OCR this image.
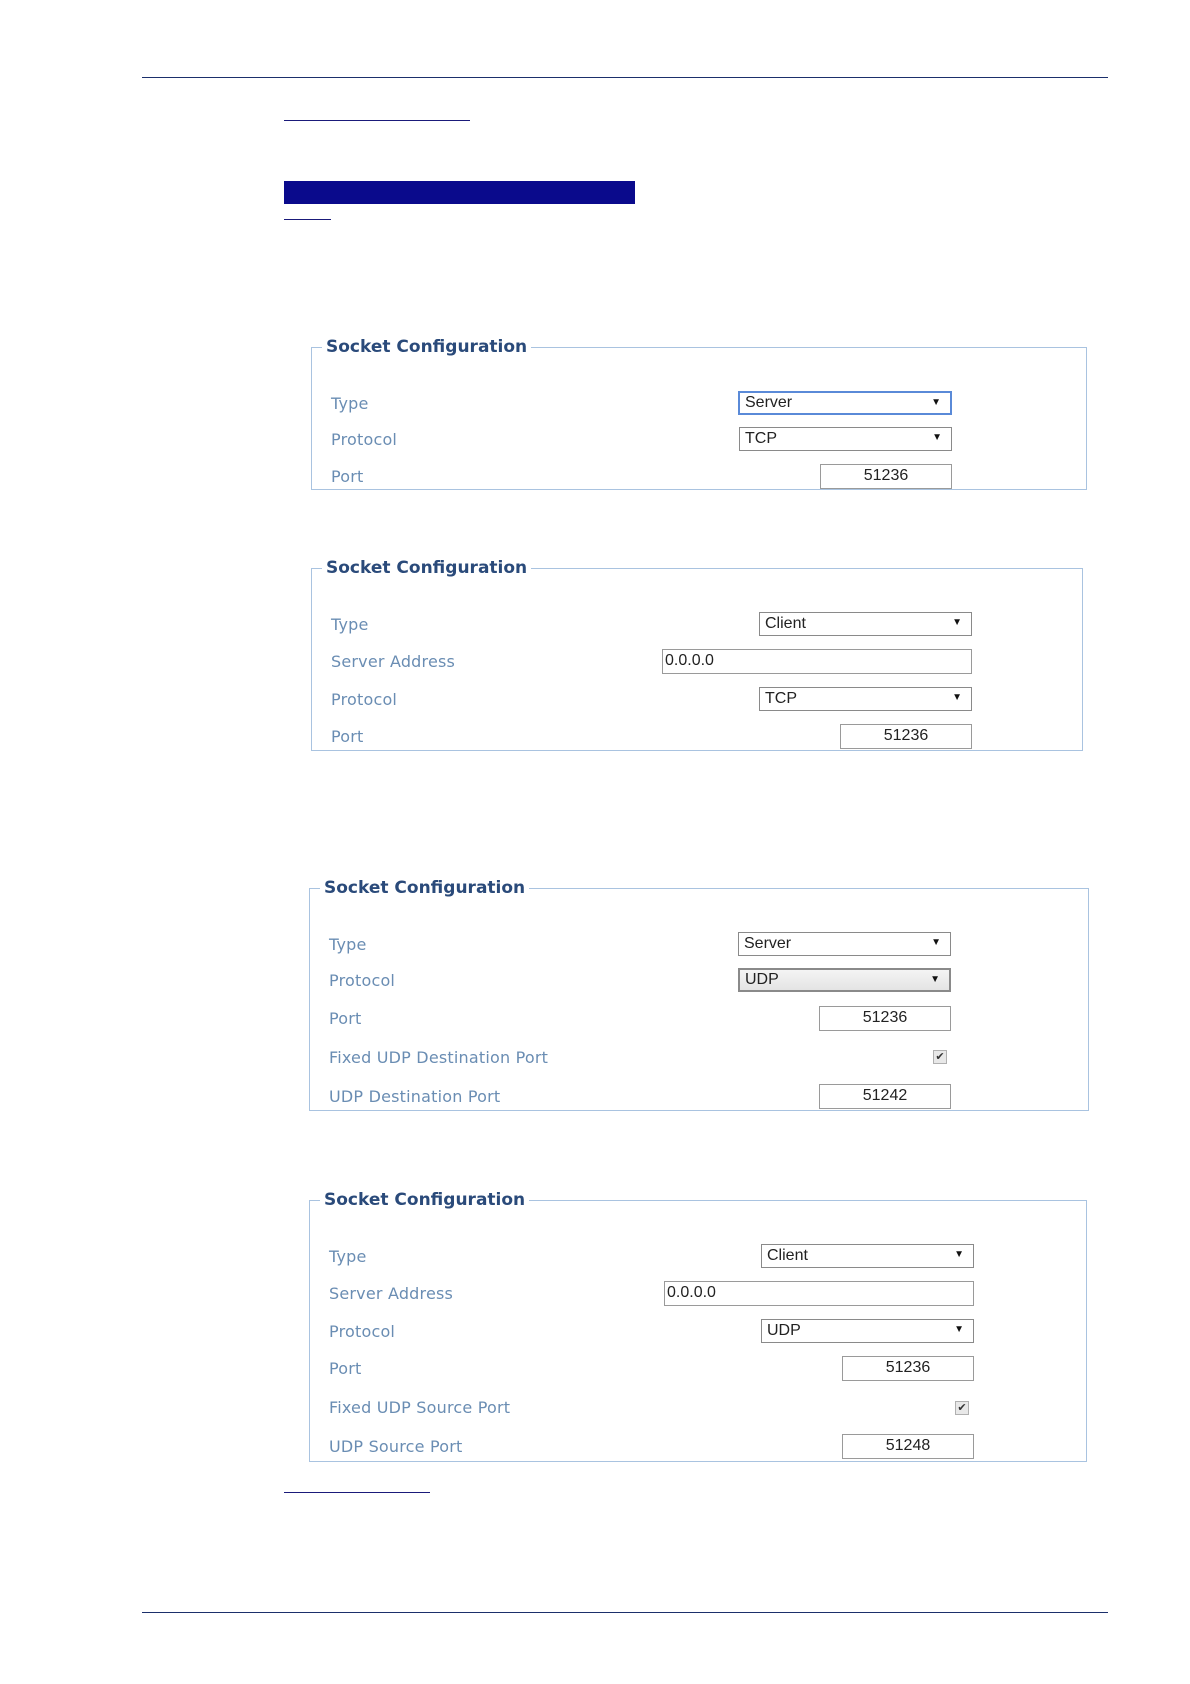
Socket Configuration
Type	Server	▼
Protocol	TCP	▼
Port	51236
Socket Configuration
Type	Client	▼
Server Address	0.0.0.0
Protocol	TCP	▼
Port	51236
Socket Configuration
Type	Server	▼
Protocol	UDP	▼
Port	51236
Fixed UDP Destination Port	✔
UDP Destination Port	51242
Socket Configuration
Type	Client	▼
Server Address	0.0.0.0
Protocol	UDP	▼
Port	51236
Fixed UDP Source Port	✔
UDP Source Port	51248
